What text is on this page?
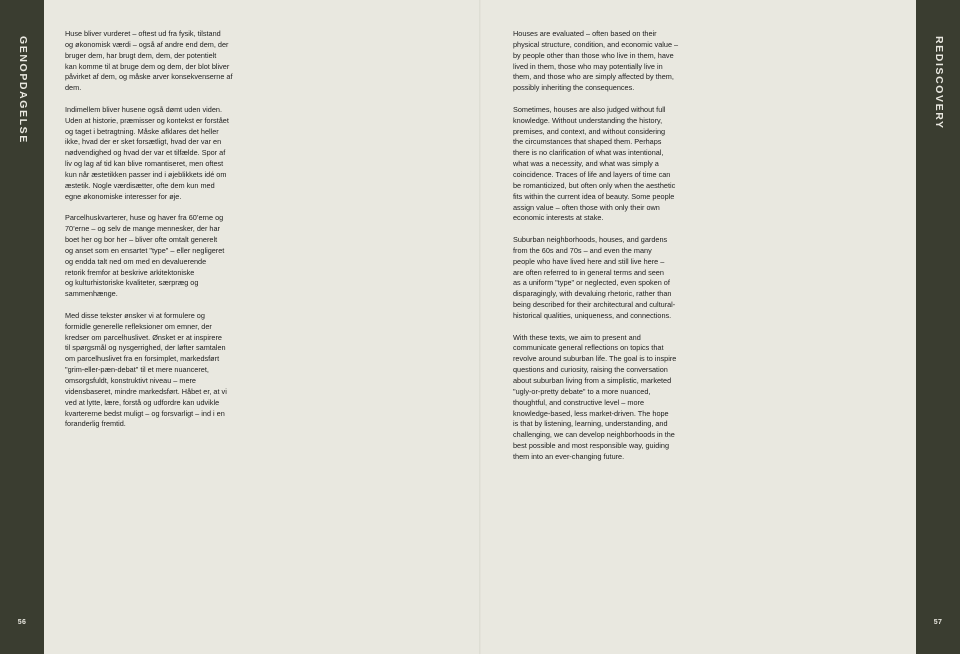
GENOPDAGELSE
56

Huse bliver vurderet – oftest ud fra fysik, tilstand
og økonomisk værdi – også af andre end dem, der
bruger dem, har brugt dem, dem, der potentielt
kan komme til at bruge dem og dem, der blot bliver
påvirket af dem, og måske arver konsekvenserne af
dem.

Indimellem bliver husene også dømt uden viden.
Uden at historie, præmisser og kontekst er forstået
og taget i betragtning. Måske afklares det heller
ikke, hvad der er sket forsætligt, hvad der var en
nødvendighed og hvad der var et tilfælde. Spor af
liv og lag af tid kan blive romantiseret, men oftest
kun når æstetikken passer ind i øjeblikkets idé om
æstetik. Nogle værdisætter, ofte dem kun med
egne økonomiske interesser for øje.

Parcelhuskvarterer, huse og haver fra 60’erne og
70’erne – og selv de mange mennesker, der har
boet her og bor her – bliver ofte omtalt generelt
og anset som en ensartet "type" – eller negligeret
og endda talt ned om med en devaluerende
retorik fremfor at beskrive arkitektoniske
og kulturhistoriske kvaliteter, særpræg og
sammenhænge.

Med disse tekster ønsker vi at formulere og
formidle generelle refleksioner om emner, der
kredser om parcelhuslivet. Ønsket er at inspirere
til spørgsmål og nysgerrighed, der løfter samtalen
om parcelhuslivet fra en forsimplet, markedsført
"grim-eller-pæn-debat" til et mere nuanceret,
omsorgsfuldt, konstruktivt niveau – mere
vidensbaseret, mindre markedsført. Håbet er, at vi
ved at lytte, lære, forstå og udfordre kan udvikle
kvartererne bedst muligt – og forsvarligt – ind i en
foranderlig fremtid.

Houses are evaluated – often based on their
physical structure, condition, and economic value –
by people other than those who live in them, have
lived in them, those who may potentially live in
them, and those who are simply affected by them,
possibly inheriting the consequences.

Sometimes, houses are also judged without full
knowledge. Without understanding the history,
premises, and context, and without considering
the circumstances that shaped them. Perhaps
there is no clarification of what was intentional,
what was a necessity, and what was simply a
coincidence. Traces of life and layers of time can
be romanticized, but often only when the aesthetic
fits within the current idea of beauty. Some people
assign value – often those with only their own
economic interests at stake.

Suburban neighborhoods, houses, and gardens
from the 60s and 70s – and even the many
people who have lived here and still live here –
are often referred to in general terms and seen
as a uniform "type" or neglected, even spoken of
disparagingly, with devaluing rhetoric, rather than
being described for their architectural and cultural-
historical qualities, uniqueness, and connections.

With these texts, we aim to present and
communicate general reflections on topics that
revolve around suburban life. The goal is to inspire
questions and curiosity, raising the conversation
about suburban living from a simplistic, marketed
"ugly-or-pretty debate" to a more nuanced,
thoughtful, and constructive level – more
knowledge-based, less market-driven. The hope
is that by listening, learning, understanding, and
challenging, we can develop neighborhoods in the
best possible and most responsible way, guiding
them into an ever-changing future.

REDISCOVERY
57
